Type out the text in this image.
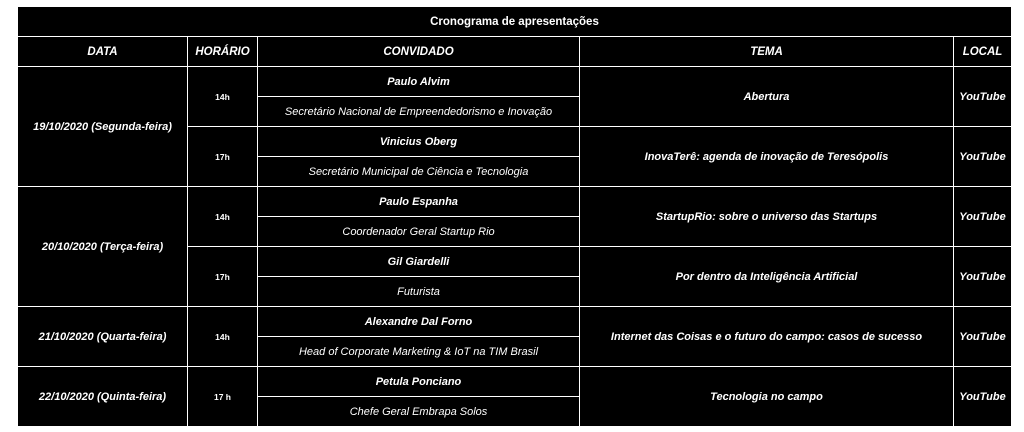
Cronograma de apresentações				
DATA	HORÁRIO	CONVIDADO	TEMA	LOCAL
19/10/2020 (Segunda-feira)	14h	Paulo Alvim	Abertura	YouTube
		Secretário Nacional de Empreendedorismo e Inovação		
	17h	Vinicius Oberg	InovaTerê: agenda de inovação de Teresópolis	YouTube
		Secretário Municipal de Ciência e Tecnologia		
20/10/2020 (Terça-feira)	14h	Paulo Espanha	StartupRio: sobre o universo das Startups	YouTube
		Coordenador Geral Startup Rio		
	17h	Gil Giardelli	Por dentro da Inteligência Artificial	YouTube
		Futurista		
21/10/2020 (Quarta-feira)	14h	Alexandre Dal Forno	Internet das Coisas e o futuro do campo: casos de sucesso	YouTube
		Head of Corporate Marketing & IoT na TIM Brasil		
22/10/2020 (Quinta-feira)	17 h	Petula Ponciano	Tecnologia no campo	YouTube
		Chefe Geral Embrapa Solos		
